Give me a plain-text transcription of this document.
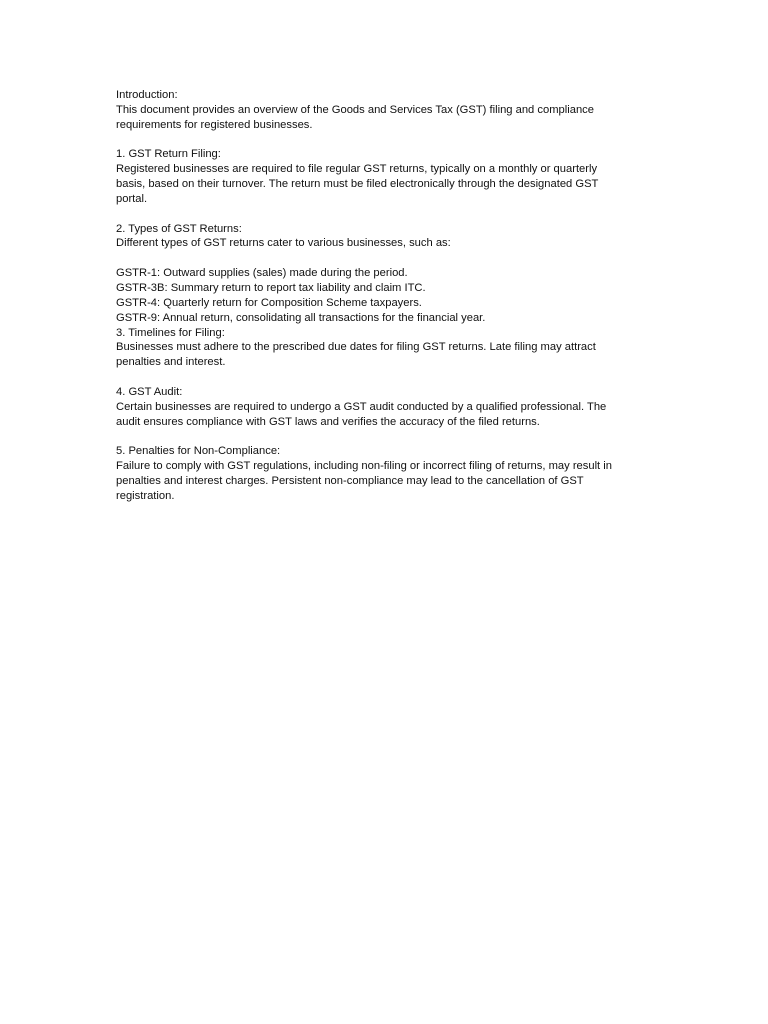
Introduction:
This document provides an overview of the Goods and Services Tax (GST) filing and compliance
requirements for registered businesses.
1. GST Return Filing:
Registered businesses are required to file regular GST returns, typically on a monthly or quarterly
basis, based on their turnover. The return must be filed electronically through the designated GST
portal.
2. Types of GST Returns:
Different types of GST returns cater to various businesses, such as:
GSTR-1: Outward supplies (sales) made during the period.
GSTR-3B: Summary return to report tax liability and claim ITC.
GSTR-4: Quarterly return for Composition Scheme taxpayers.
GSTR-9: Annual return, consolidating all transactions for the financial year.
3. Timelines for Filing:
Businesses must adhere to the prescribed due dates for filing GST returns. Late filing may attract
penalties and interest.
4. GST Audit:
Certain businesses are required to undergo a GST audit conducted by a qualified professional. The
audit ensures compliance with GST laws and verifies the accuracy of the filed returns.
5. Penalties for Non-Compliance:
Failure to comply with GST regulations, including non-filing or incorrect filing of returns, may result in
penalties and interest charges. Persistent non-compliance may lead to the cancellation of GST
registration.
